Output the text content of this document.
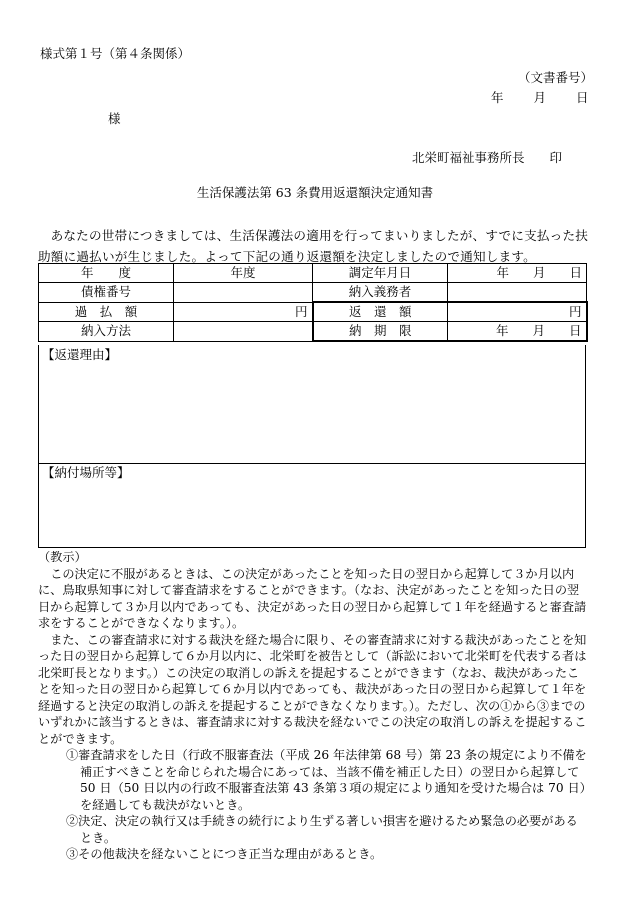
様式第１号（第４条関係）
（文書番号）
年 月 日
様
北栄町福祉事務所長　　印
生活保護法第 63 条費用返還額決定通知書

あなたの世帯につきましては、生活保護法の適用を行ってまいりましたが、すでに支払った扶助額に過払いが生じました。よって下記の通り返還額を決定しましたので通知します。

年　　度	年度	調定年月日	年 月 日
債権番号		納入義務者	
過　払　額	円	返　還　額	円
納入方法		納　期　限	年 月 日
【返還理由】
【納付場所等】

（教示）

この決定に不服があるときは、この決定があったことを知った日の翌日から起算して３か月以内に、鳥取県知事に対して審査請求をすることができます。（なお、決定があったことを知った日の翌日から起算して３か月以内であっても、決定があった日の翌日から起算して１年を経過すると審査請求をすることができなくなります。）。

また、この審査請求に対する裁決を経た場合に限り、その審査請求に対する裁決があったことを知った日の翌日から起算して６か月以内に、北栄町を被告として（訴訟において北栄町を代表する者は北栄町長となります。）この決定の取消しの訴えを提起することができます（なお、裁決があったことを知った日の翌日から起算して６か月以内であっても、裁決があった日の翌日から起算して１年を経過すると決定の取消しの訴えを提起することができなくなります。）。ただし、次の①から③までのいずれかに該当するときは、審査請求に対する裁決を経ないでこの決定の取消しの訴えを提起することができます。

①審査請求をした日（行政不服審査法（平成 26 年法律第 68 号）第 23 条の規定により不備を補正すべきことを命じられた場合にあっては、当該不備を補正した日）の翌日から起算して 50 日（50 日以内の行政不服審査法第 43 条第３項の規定により通知を受けた場合は 70 日）を経過しても裁決がないとき。

②決定、決定の執行又は手続きの続行により生ずる著しい損害を避けるため緊急の必要があるとき。

③その他裁決を経ないことにつき正当な理由があるとき。
